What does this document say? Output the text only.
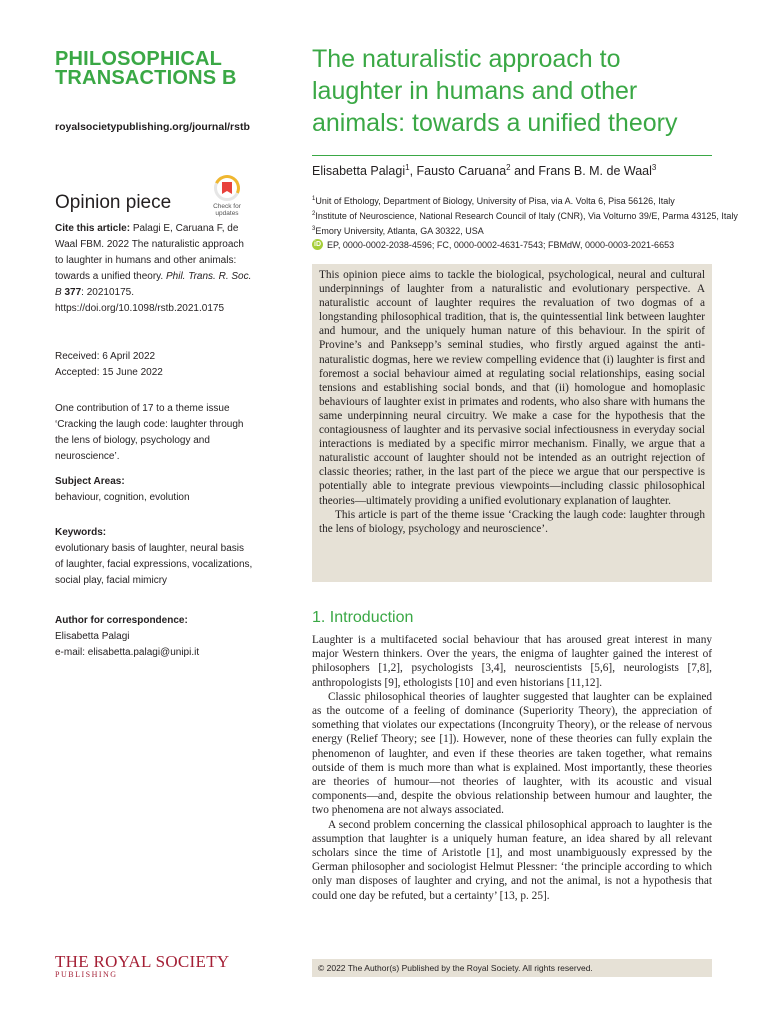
PHILOSOPHICAL
TRANSACTIONS B
royalsocietypublishing.org/journal/rstb
Opinion piece	Check for
updates
Cite this article: Palagi E, Caruana F, de Waal FBM. 2022 The naturalistic approach to laughter in humans and other animals: towards a unified theory. Phil. Trans. R. Soc. B 377: 20210175.
https://doi.org/10.1098/rstb.2021.0175
Received: 6 April 2022
Accepted: 15 June 2022
One contribution of 17 to a theme issue ‘Cracking the laugh code: laughter through the lens of biology, psychology and neuroscience’.
Subject Areas:
behaviour, cognition, evolution
Keywords:
evolutionary basis of laughter, neural basis of laughter, facial expressions, vocalizations, social play, facial mimicry
Author for correspondence:
Elisabetta Palagi
e-mail: elisabetta.palagi@unipi.it
The naturalistic approach to laughter in humans and other animals: towards a unified theory
Elisabetta Palagi$^1$, Fausto Caruana$^2$ and Frans B. M. de Waal$^3$
$^1$Unit of Ethology, Department of Biology, University of Pisa, via A. Volta 6, Pisa 56126, Italy
$^2$Institute of Neuroscience, National Research Council of Italy (CNR), Via Volturno 39/E, Parma 43125, Italy
$^3$Emory University, Atlanta, GA 30322, USA
iD EP, 0000-0002-2038-4596; FC, 0000-0002-4631-7543; FBMdW, 0000-0003-2021-6653

This opinion piece aims to tackle the biological, psychological, neural and cultural underpinnings of laughter from a naturalistic and evolutionary perspective. A naturalistic account of laughter requires the revaluation of two dogmas of a longstanding philosophical tradition, that is, the quintessential link between laughter and humour, and the uniquely human nature of this behaviour. In the spirit of Provine’s and Panksepp’s seminal studies, who firstly argued against the anti-naturalistic dogmas, here we review compelling evidence that (i) laughter is first and foremost a social behaviour aimed at regulating social relationships, easing social tensions and establishing social bonds, and that (ii) homologue and homoplasic behaviours of laughter exist in primates and rodents, who also share with humans the same underpinning neural circuitry. We make a case for the hypothesis that the contagiousness of laughter and its pervasive social infectiousness in everyday social interactions is mediated by a specific mirror mechanism. Finally, we argue that a naturalistic account of laughter should not be intended as an outright rejection of classic theories; rather, in the last part of the piece we argue that our perspective is potentially able to integrate previous viewpoints—including classic philosophical theories—ultimately providing a unified evolutionary explanation of laughter.

This article is part of the theme issue ‘Cracking the laugh code: laughter through the lens of biology, psychology and neuroscience’.

1. Introduction

Laughter is a multifaceted social behaviour that has aroused great interest in many major Western thinkers. Over the years, the enigma of laughter gained the interest of philosophers [1,2], psychologists [3,4], neuroscientists [5,6], neurologists [7,8], anthropologists [9], ethologists [10] and even historians [11,12].

Classic philosophical theories of laughter suggested that laughter can be explained as the outcome of a feeling of dominance (Superiority Theory), the appreciation of something that violates our expectations (Incongruity Theory), or the release of nervous energy (Relief Theory; see [1]). However, none of these theories can fully explain the phenomenon of laughter, and even if these theories are taken together, what remains outside of them is much more than what is explained. Most importantly, these theories are theories of humour—not theories of laughter, with its acoustic and visual components—and, despite the obvious relationship between humour and laughter, the two phenomena are not always associated.

A second problem concerning the classical philosophical approach to laughter is the assumption that laughter is a uniquely human feature, an idea shared by all relevant scholars since the time of Aristotle [1], and most unambiguously expressed by the German philosopher and sociologist Helmut Plessner: ‘the principle according to which only man disposes of laughter and crying, and not the animal, is not a hypothesis that could one day be refuted, but a certainty’ [13, p. 25].

THE ROYAL SOCIETY
PUBLISHING
© 2022 The Author(s) Published by the Royal Society. All rights reserved.
